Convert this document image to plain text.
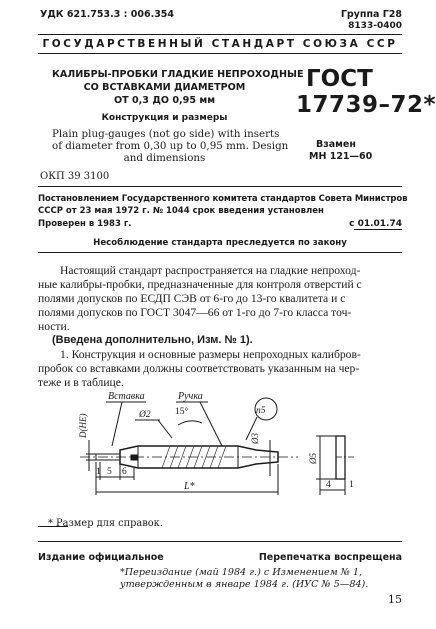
УДК 621.753.3 : 006.354	Группа Г28
8133-0400
ГОСУДАРСТВЕННЫЙ СТАНДАРТ СОЮЗА ССР
КАЛИБРЫ-ПРОБКИ ГЛАДКИЕ НЕПРОХОДНЫЕ
СО ВСТАВКАМИ ДИАМЕТРОМ
ОТ 0,3 ДО 0,95 мм
Конструкция и размеры
Plain plug-gauges (not go side) with inserts
of diameter from 0,30 up to 0,95 mm. Design
and dimensions
ГОСТ
17739–72*
Взамен
МН 121—60
ОКП 39 3100
Постановлением Государственного комитета стандартов Совета Министров
СССР от 23 мая 1972 г. № 1044 срок введения установлен
Проверен в 1983 г.	с 01.01.74
Несоблюдение стандарта преследуется по закону
Настоящий стандарт распространяется на гладкие непроход-
ные калибры-пробки, предназначенные для контроля отверстий с
полями допусков по ЕСДП СЭВ от 6-го до 13-го квалитета и с
полями допусков по ГОСТ 3047—66 от 1-го до 7-го класса точ-
ности.
(Введена дополнительно, Изм. № 1).
1. Конструкция и основные размеры непроходных калибров-
пробок со вставками должны соответствовать указанным на чер-
теже и в таблице.
Вставка	Ручка
Ø2	15°	п5
D(HE)
Ø3
1 5 6
L*
Ø5
4 1
* Размер для справок.
Издание официальное	Перепечатка воспрещена
*Переиздание (май 1984 г.) с Изменением № 1,
утвержденным в январе 1984 г. (ИУС № 5—84).
15
